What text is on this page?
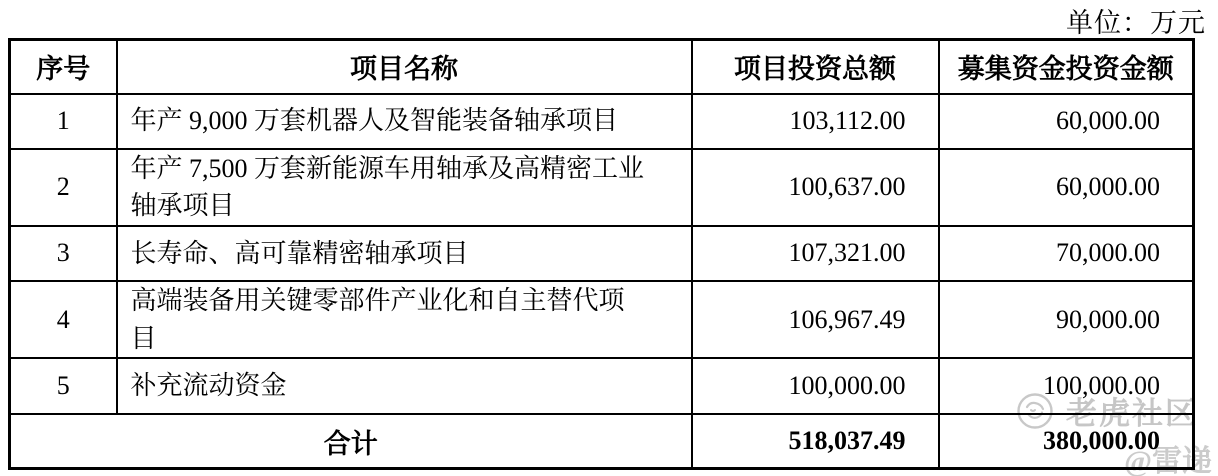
单位：万元
序号	项目名称	项目投资总额	募集资金投资金额
1	年产 9,000 万套机器人及智能装备轴承项目	103,112.00	60,000.00
2	年产 7,500 万套新能源车用轴承及高精密工业轴承项目	100,637.00	60,000.00
3	长寿命、高可靠精密轴承项目	107,321.00	70,000.00
4	高端装备用关键零部件产业化和自主替代项目	106,967.49	90,000.00
5	补充流动资金	100,000.00	100,000.00
合计		518,037.49	380,000.00
老虎社区
@雷递
